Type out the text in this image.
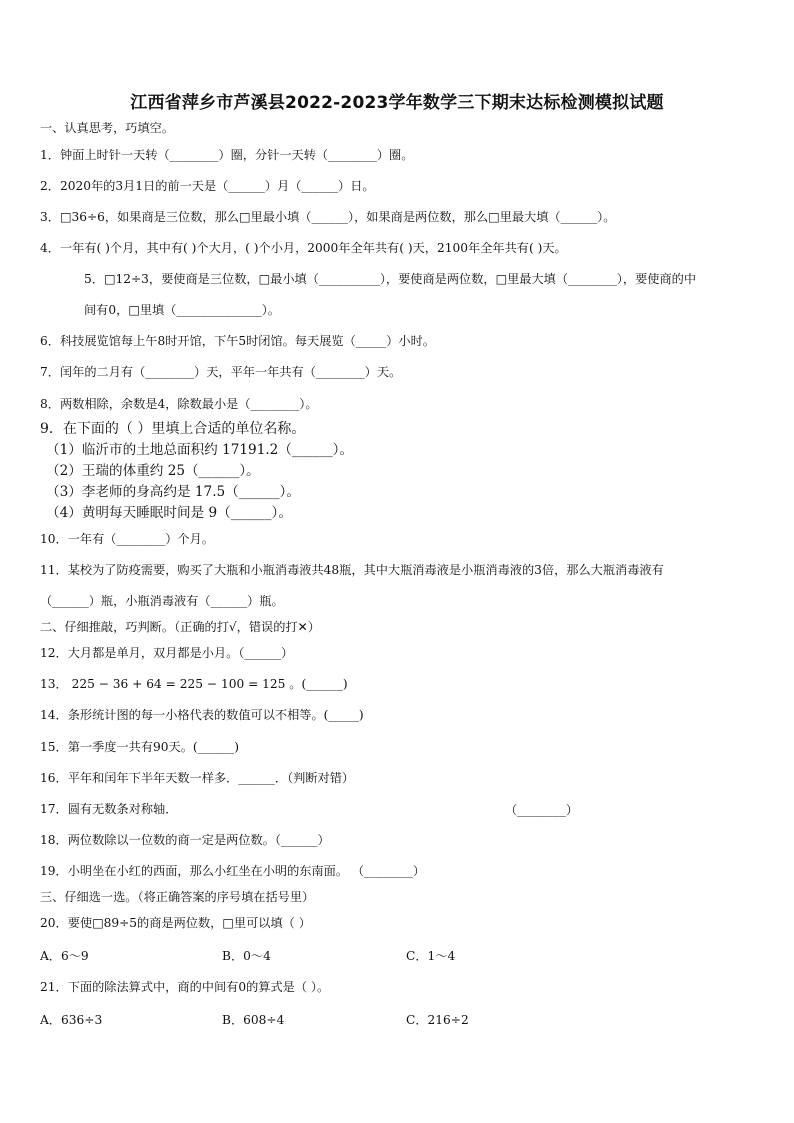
江西省萍乡市芦溪县2022-2023学年数学三下期末达标检测模拟试题
一、认真思考，巧填空。
1．钟面上时针一天转（________）圈，分针一天转（________）圈。
2．2020年的3月1日的前一天是（______）月（______）日。
3．□36÷6，如果商是三位数，那么□里最小填（______），如果商是两位数，那么□里最大填（______）。
4．一年有( )个月，其中有( )个大月，( )个小月，2000年全年共有( )天，2100年全年共有( )天。
5．□12÷3，要使商是三位数，□最小填（__________），要使商是两位数，□里最大填（________），要使商的中
间有0，□里填（______________）。
6．科技展览馆每上午8时开馆，下午5时闭馆。每天展览（_____）小时。
7．闰年的二月有（________）天，平年一年共有（________）天。
8．两数相除，余数是4，除数最小是（________）。
9．在下面的（ ）里填上合适的单位名称。
（1）临沂市的土地总面积约 17191.2（______）。
（2）王瑞的体重约 25（______）。
（3）李老师的身高约是 17.5（______）。
（4）黄明每天睡眠时间是 9（______）。
10．一年有（________）个月。
11．某校为了防疫需要，购买了大瓶和小瓶消毒液共48瓶，其中大瓶消毒液是小瓶消毒液的3倍，那么大瓶消毒液有
（______）瓶，小瓶消毒液有（______）瓶。
二、仔细推敲，巧判断。（正确的打√，错误的打✕）
12．大月都是单月，双月都是小月。（______）
13． 225 − 36 + 64 = 225 − 100 = 125 。(______)
14．条形统计图的每一小格代表的数值可以不相等。(_____)
15．第一季度一共有90天。(______)
16．平年和闰年下半年天数一样多．______．（判断对错）
17．圆有无数条对称轴．	（________）
18．两位数除以一位数的商一定是两位数。（______）
19．小明坐在小红的西面，那么小红坐在小明的东南面。 （________）
三、仔细选一选。（将正确答案的序号填在括号里）
20．要使□89÷5的商是两位数，□里可以填（ ）
A．6～9	B．0～4	C．1～4
21．下面的除法算式中，商的中间有0的算式是（ ）。
A．636÷3	B．608÷4	C．216÷2
